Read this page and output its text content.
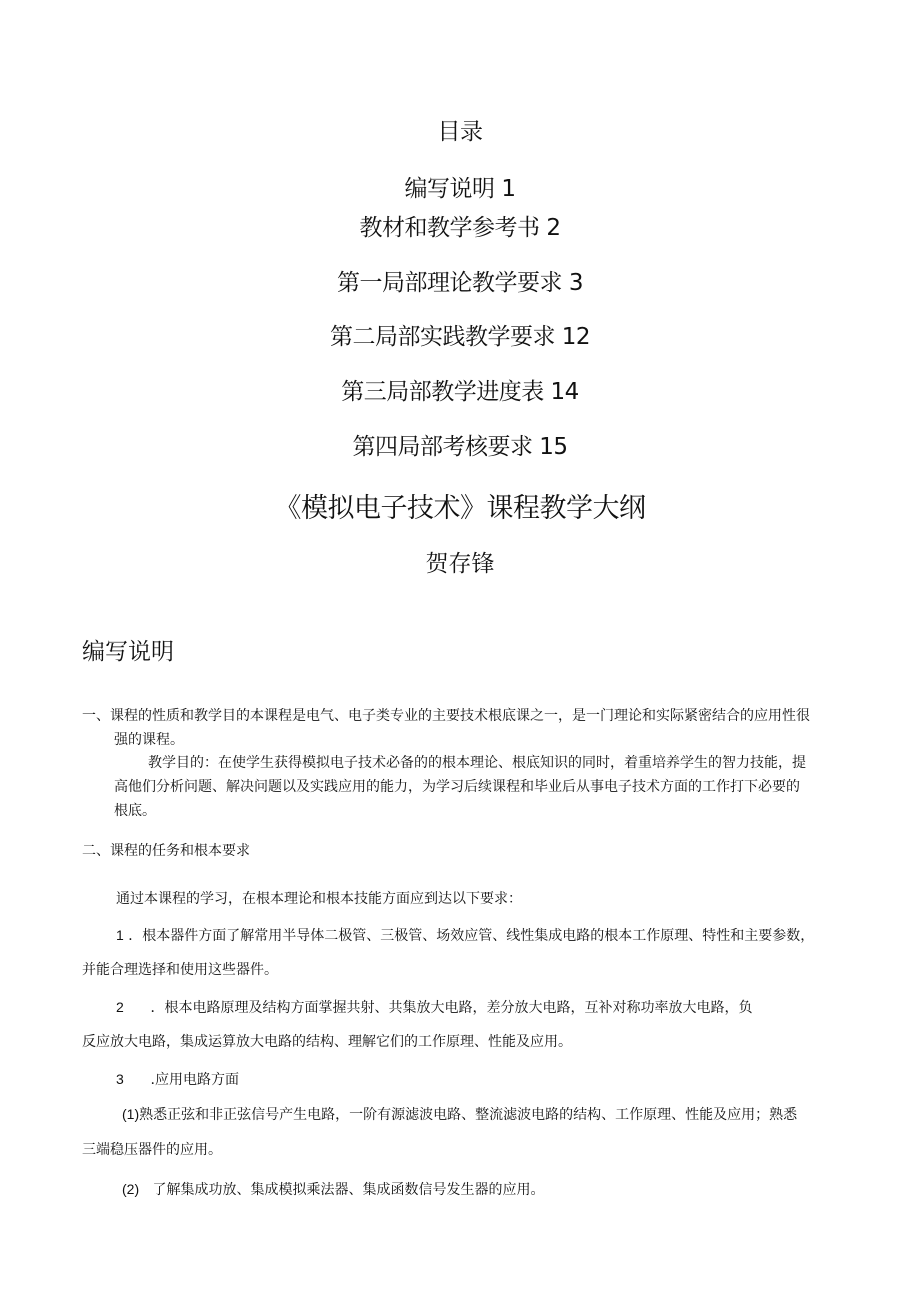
目录
编写说明 1
教材和教学参考书 2
第一局部理论教学要求 3
第二局部实践教学要求 12
第三局部教学进度表 14
第四局部考核要求 15
《模拟电子技术》课程教学大纲
贺存锋
编写说明
一、课程的性质和教学目的本课程是电气、电子类专业的主要技术根底课之一，是一门理论和实际紧密结合的应用性很
强的课程。
教学目的：在使学生获得模拟电子技术必备的的根本理论、根底知识的同时，着重培养学生的智力技能，提
高他们分析问题、解决问题以及实践应用的能力，为学习后续课程和毕业后从事电子技术方面的工作打下必要的
根底。
二、课程的任务和根本要求
通过本课程的学习，在根本理论和根本技能方面应到达以下要求：
1 ．根本器件方面了解常用半导体二极管、三极管、场效应管、线性集成电路的根本工作原理、特性和主要参数，
并能合理选择和使用这些器件。
2 ．根本电路原理及结构方面掌握共射、共集放大电路，差分放大电路，互补对称功率放大电路，负
反应放大电路，集成运算放大电路的结构、理解它们的工作原理、性能及应用。
3 .应用电路方面
(1)熟悉正弦和非正弦信号产生电路，一阶有源滤波电路、整流滤波电路的结构、工作原理、性能及应用；熟悉
三端稳压器件的应用。
(2) 了解集成功放、集成模拟乘法器、集成函数信号发生器的应用。
